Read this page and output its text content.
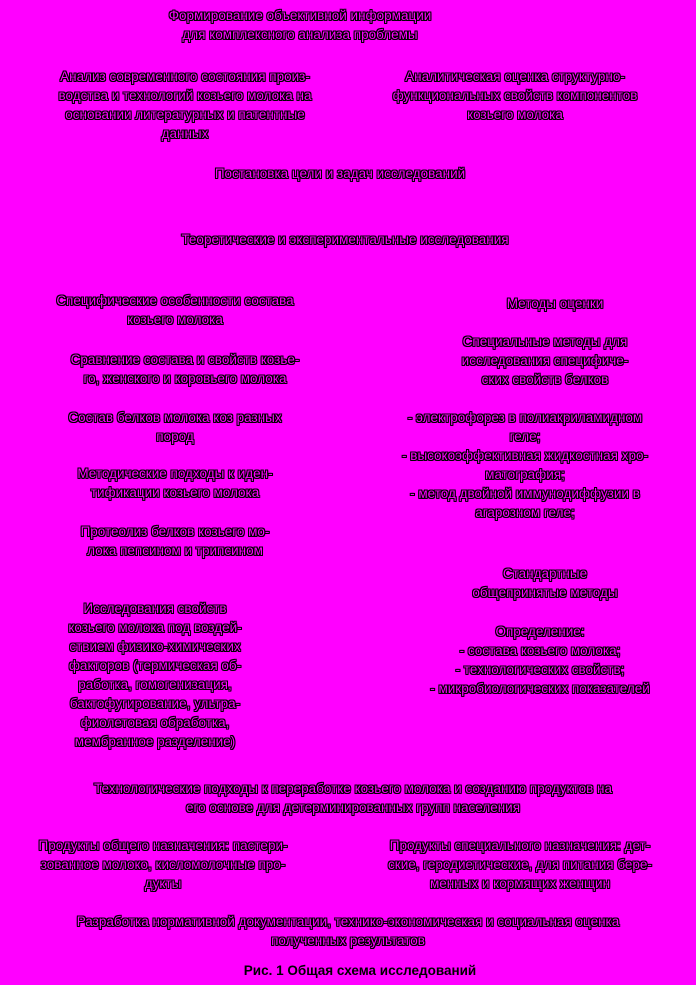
Формирование объективной информации
для комплексного анализа проблемы
Анализ современного состояния произ-
водства и технологий козьего молока на
основании литературных и патентные
данных
Аналитическая оценка структурно-
функциональных свойств компонентов
козьего молока
Постановка цели и задач исследований
Теоретические и экспериментальные исследования
Специфические особенности состава
козьего молока
Сравнение состава и свойств козье-
го, женского и коровьего молока
Состав белков молока коз разных
пород
Методические подходы к иден-
тификации козьего молока
Протеолиз белков козьего мо-
лока пепсином и трипсином
Исследования свойств
козьего молока под воздей-
ствием физико-химических
факторов (термическая об-
работка, гомогенизация,
бактофугирование, ультра-
фиолетовая обработка,
мембранное разделение)
Методы оценки
Специальные методы для
исследования специфиче-
ских свойств белков
- электрофорез в полиакриламидном
геле;
- высокоэффективная жидкостная хро-
матография;
- метод двойной иммунодиффузии в
агарозном геле;
Стандартные
общепринятые методы
Определение:
- состава козьего молока;
- технологических свойств;
- микробиологических показателей
Технологические подходы к переработке козьего молока и созданию продуктов на
его основе для детерминированных групп населения
Продукты общего назначения: пастери-
зованное молоко, кисломолочные про-
дукты
Продукты специального назначения: дет-
ские, геродиетические, для питания бере-
менных и кормящих женщин
Разработка нормативной документации, технико-экономическая и социальная оценка
полученных результатов
Рис. 1 Общая схема исследований
